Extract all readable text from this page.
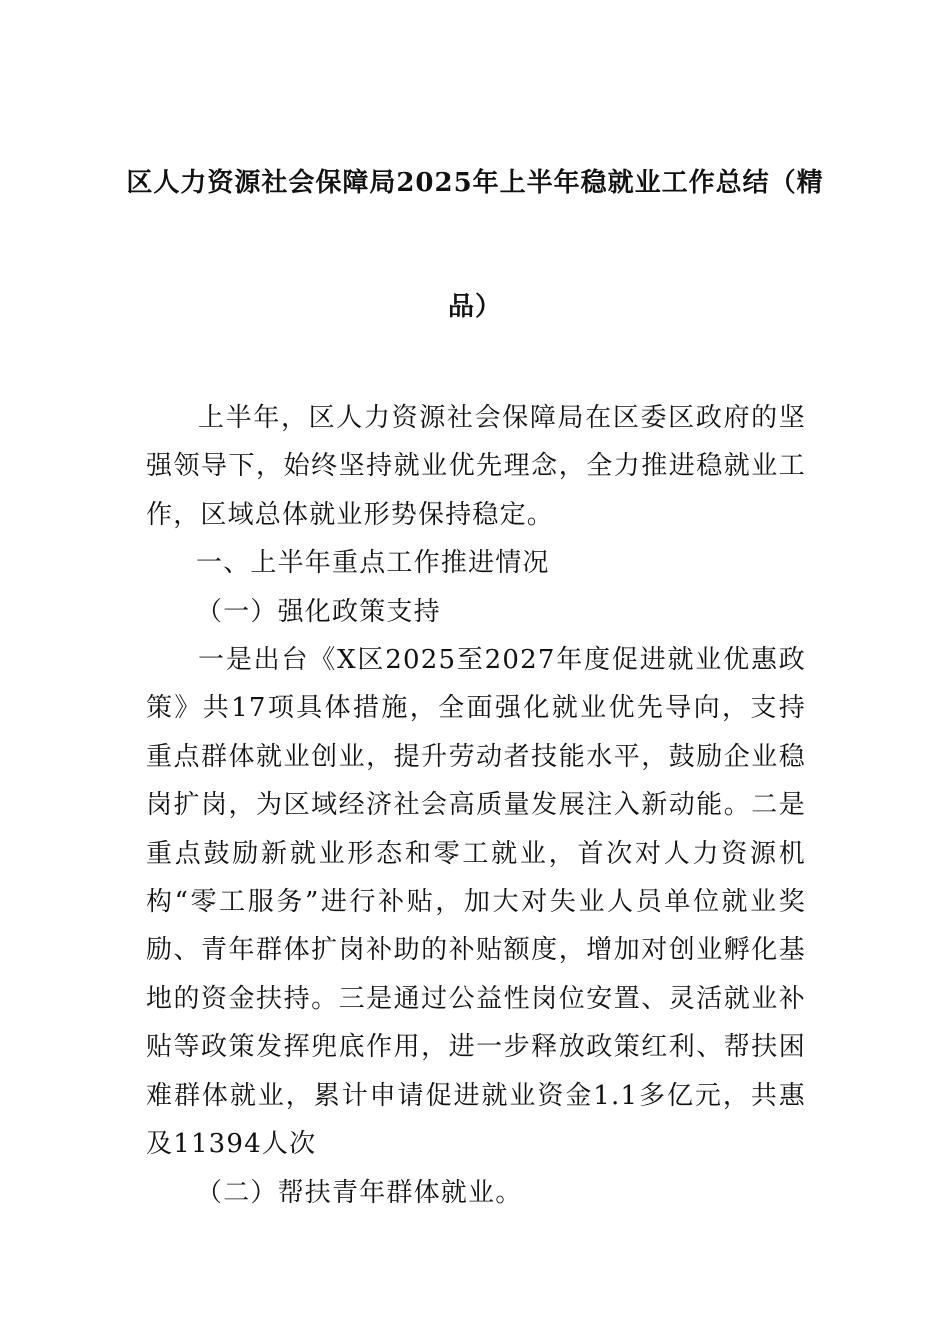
区人力资源社会保障局2025年上半年稳就业工作总结（精
品）

上半年，区人力资源社会保障局在区委区政府的坚强领导下，始终坚持就业优先理念，全力推进稳就业工作，区域总体就业形势保持稳定。

一、上半年重点工作推进情况

（一）强化政策支持

一是出台《X区2025至2027年度促进就业优惠政策》共17项具体措施，全面强化就业优先导向，支持重点群体就业创业，提升劳动者技能水平，鼓励企业稳岗扩岗，为区域经济社会高质量发展注入新动能。二是重点鼓励新就业形态和零工就业，首次对人力资源机构“零工服务”进行补贴，加大对失业人员单位就业奖励、青年群体扩岗补助的补贴额度，增加对创业孵化基地的资金扶持。三是通过公益性岗位安置、灵活就业补贴等政策发挥兜底作用，进一步释放政策红利、帮扶困难群体就业，累计申请促进就业资金1.1多亿元，共惠及11394人次

（二）帮扶青年群体就业。
